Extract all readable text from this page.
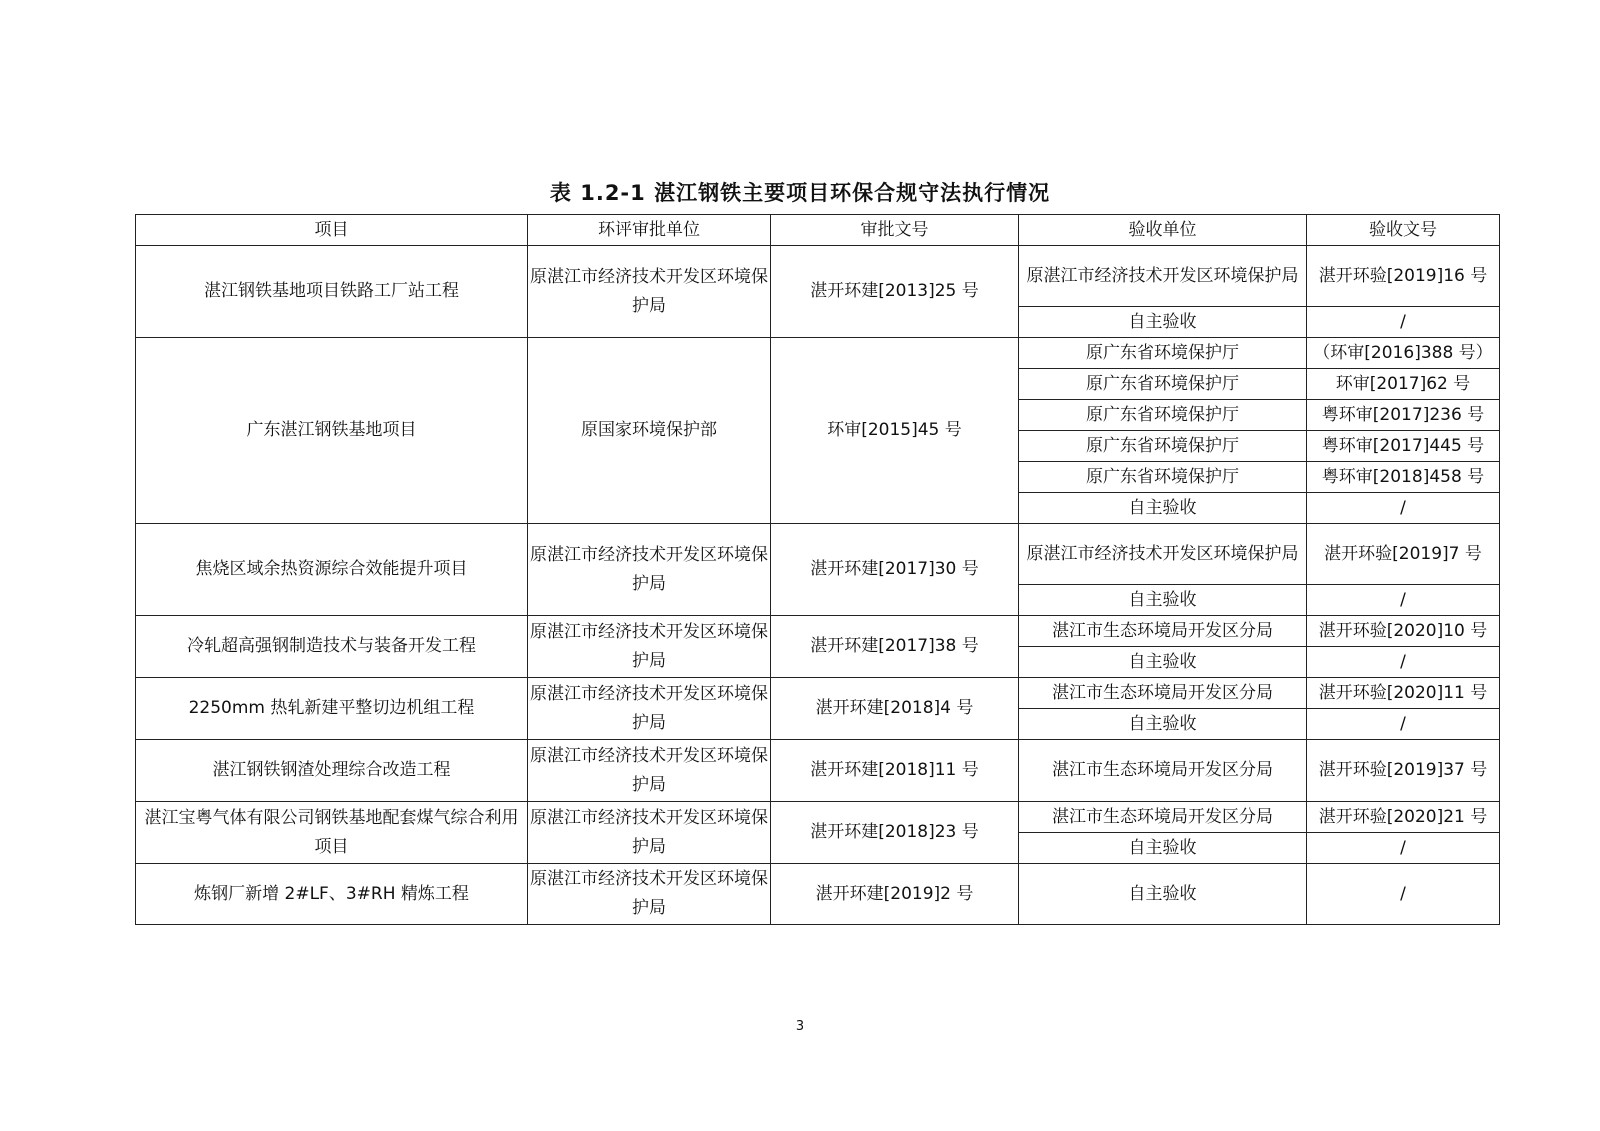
表 1.2-1 湛江钢铁主要项目环保合规守法执行情况
项目	环评审批单位	审批文号	验收单位	验收文号
湛江钢铁基地项目铁路工厂站工程	原湛江市经济技术开发区环境保护局	湛开环建[2013]25 号	原湛江市经济技术开发区环境保护局	湛开环验[2019]16 号
			自主验收	/
广东湛江钢铁基地项目	原国家环境保护部	环审[2015]45 号	原广东省环境保护厅	（环审[2016]388 号）
			原广东省环境保护厅	环审[2017]62 号
			原广东省环境保护厅	粤环审[2017]236 号
			原广东省环境保护厅	粤环审[2017]445 号
			原广东省环境保护厅	粤环审[2018]458 号
			自主验收	/
焦烧区域余热资源综合效能提升项目	原湛江市经济技术开发区环境保护局	湛开环建[2017]30 号	原湛江市经济技术开发区环境保护局	湛开环验[2019]7 号
			自主验收	/
冷轧超高强钢制造技术与装备开发工程	原湛江市经济技术开发区环境保护局	湛开环建[2017]38 号	湛江市生态环境局开发区分局	湛开环验[2020]10 号
			自主验收	/
2250mm 热轧新建平整切边机组工程	原湛江市经济技术开发区环境保护局	湛开环建[2018]4 号	湛江市生态环境局开发区分局	湛开环验[2020]11 号
			自主验收	/
湛江钢铁钢渣处理综合改造工程	原湛江市经济技术开发区环境保护局	湛开环建[2018]11 号	湛江市生态环境局开发区分局	湛开环验[2019]37 号
湛江宝粤气体有限公司钢铁基地配套煤气综合利用项目	原湛江市经济技术开发区环境保护局	湛开环建[2018]23 号	湛江市生态环境局开发区分局	湛开环验[2020]21 号
			自主验收	/
炼钢厂新增 2#LF、3#RH 精炼工程	原湛江市经济技术开发区环境保护局	湛开环建[2019]2 号	自主验收	/
3
